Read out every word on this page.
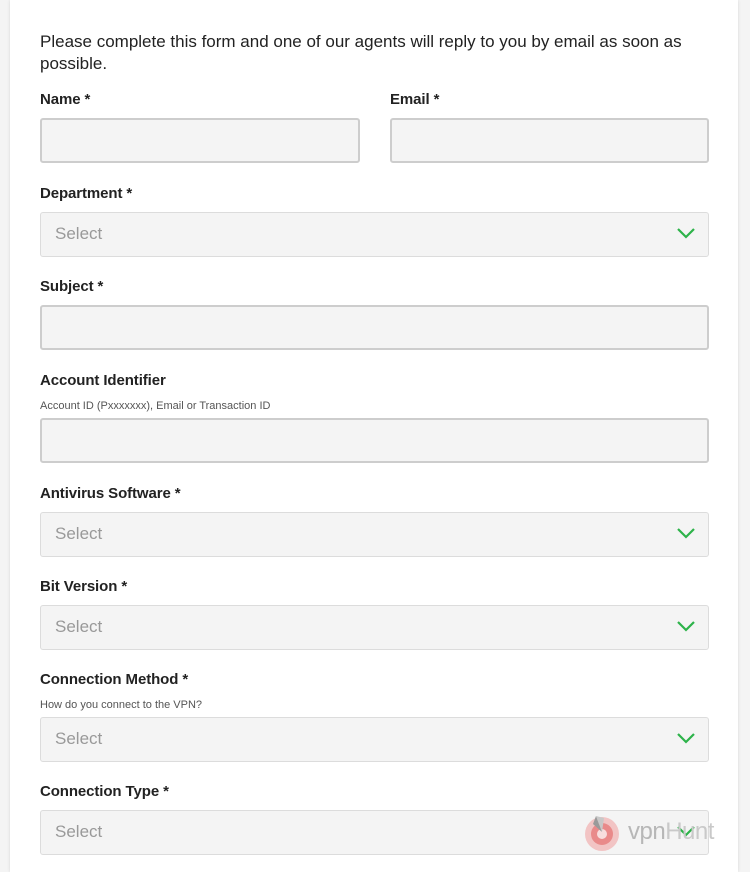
Please complete this form and one of our agents will reply to you by email as soon as possible.
Name *	Email *
Department *
Select
Subject *
Account Identifier
Account ID (Pxxxxxxx), Email or Transaction ID
Antivirus Software *
Select
Bit Version *
Select
Connection Method *
How do you connect to the VPN?
Select
Connection Type *
Select	vpnHunt
